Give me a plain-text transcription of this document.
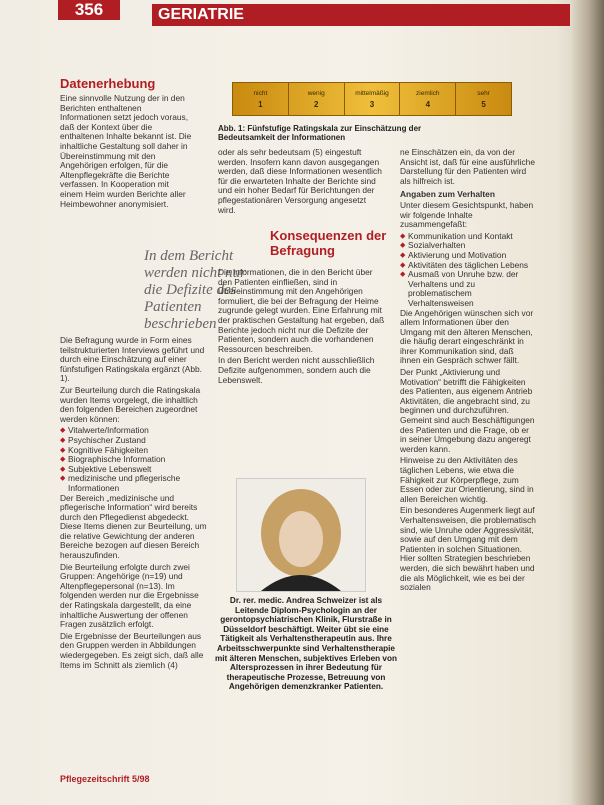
356	GERIATRIE
Datenerhebung

Eine sinnvolle Nutzung der in den Berichten enthaltenen Informationen setzt jedoch voraus, daß der Kontext über die enthaltenen Inhalte bekannt ist. Die inhaltliche Gestaltung soll daher in Übereinstimmung mit den Angehörigen erfolgen, für die Altenpflegekräfte die Berichte verfassen. In Kooperation mit einem Heim wurden Berichte aller Heimbewohner anonymisiert.

In dem Bericht werden nicht nur die Defizite des Patienten beschrieben

Die Befragung wurde in Form eines teilstrukturierten Interviews geführt und durch eine Einschätzung auf einer fünfstufigen Ratingskala ergänzt (Abb. 1).

Zur Beurteilung durch die Ratingskala wurden Items vorgelegt, die inhaltlich den folgenden Bereichen zugeordnet werden können:

◆ Vitalwerte/Information
◆ Psychischer Zustand
◆ Kognitive Fähigkeiten
◆ Biographische Information
◆ Subjektive Lebenswelt
◆ medizinische und pflegerische Informationen

Der Bereich „medizinische und pflegerische Information“ wird bereits durch den Pflegedienst abgedeckt. Diese Items dienen zur Beurteilung, um die relative Gewichtung der anderen Bereiche bezogen auf diesen Bereich herauszufinden.

Die Beurteilung erfolgte durch zwei Gruppen: Angehörige (n=19) und Altenpflegepersonal (n=13). Im folgenden werden nur die Ergebnisse der Ratingskala dargestellt, da eine inhaltliche Auswertung der offenen Fragen zusätzlich erfolgt.

Die Ergebnisse der Beurteilungen aus den Gruppen werden in Abbildungen wiedergegeben. Es zeigt sich, daß alle Items im Schnitt als ziemlich (4)

nicht
1
wenig
2
mittelmäßig
3
ziemlich
4
sehr
5
Abb. 1: Fünfstufige Ratingskala zur Einschätzung der Bedeutsamkeit der Informationen

oder als sehr bedeutsam (5) eingestuft werden. Insofern kann davon ausgegangen werden, daß diese Informationen wesentlich für die erwarteten Inhalte der Berichte sind und ein hoher Bedarf für Berichtungen der pflegestationären Versorgung angesetzt wird.

Konsequenzen der Befragung

Die Informationen, die in den Bericht über den Patienten einfließen, sind in Übereinstimmung mit den Angehörigen formuliert, die bei der Befragung der Heime zugrunde gelegt wurden. Eine Erfahrung mit der praktischen Gestaltung hat ergeben, daß Berichte jedoch nicht nur die Defizite der Patienten, sondern auch die vorhandenen Ressourcen beschreiben.

In den Bericht werden nicht ausschließlich Defizite aufgenommen, sondern auch die Lebenswelt.

Dr. rer. medic. Andrea Schweizer ist als Leitende Diplom-Psychologin an der gerontopsychiatrischen Klinik, Flurstraße in Düsseldorf beschäftigt. Weiter übt sie eine Tätigkeit als Verhaltenstherapeutin aus. Ihre Arbeitsschwerpunkte sind Verhaltenstherapie mit älteren Menschen, subjektives Erleben von Altersprozessen in ihrer Bedeutung für therapeutische Prozesse, Betreuung von Angehörigen demenzkranker Patienten.

ne Einschätzen ein, da von der Ansicht ist, daß für eine ausführliche Darstellung für den Patienten wird als hilfreich ist.

Angaben zum Verhalten

Unter diesem Gesichtspunkt, haben wir folgende Inhalte zusammengefaßt:

◆ Kommunikation und Kontakt
◆ Sozialverhalten
◆ Aktivierung und Motivation
◆ Aktivitäten des täglichen Lebens
◆ Ausmaß von Unruhe bzw. der Verhaltens und zu problematischem Verhaltensweisen

Die Angehörigen wünschen sich vor allem Informationen über den Umgang mit den älteren Menschen, die häufig derart eingeschränkt in ihrer Kommunikation sind, daß ihnen ein Gespräch schwer fällt.

Der Punkt „Aktivierung und Motivation“ betrifft die Fähigkeiten des Patienten, aus eigenem Antrieb Aktivitäten, die angebracht sind, zu beginnen und durchzuführen. Gemeint sind auch Beschäftigungen des Patienten und die Frage, ob er in seiner Umgebung dazu angeregt werden kann.

Hinweise zu den Aktivitäten des täglichen Lebens, wie etwa die Fähigkeit zur Körperpflege, zum Essen oder zur Orientierung, sind in allen Bereichen wichtig.

Ein besonderes Augenmerk liegt auf Verhaltensweisen, die problematisch sind, wie Unruhe oder Aggressivität, sowie auf den Umgang mit dem Patienten in solchen Situationen. Hier sollten Strategien beschrieben werden, die sich bewährt haben und die als Möglichkeit, wie es bei der sozialen

Pflegezeitschrift 5/98
